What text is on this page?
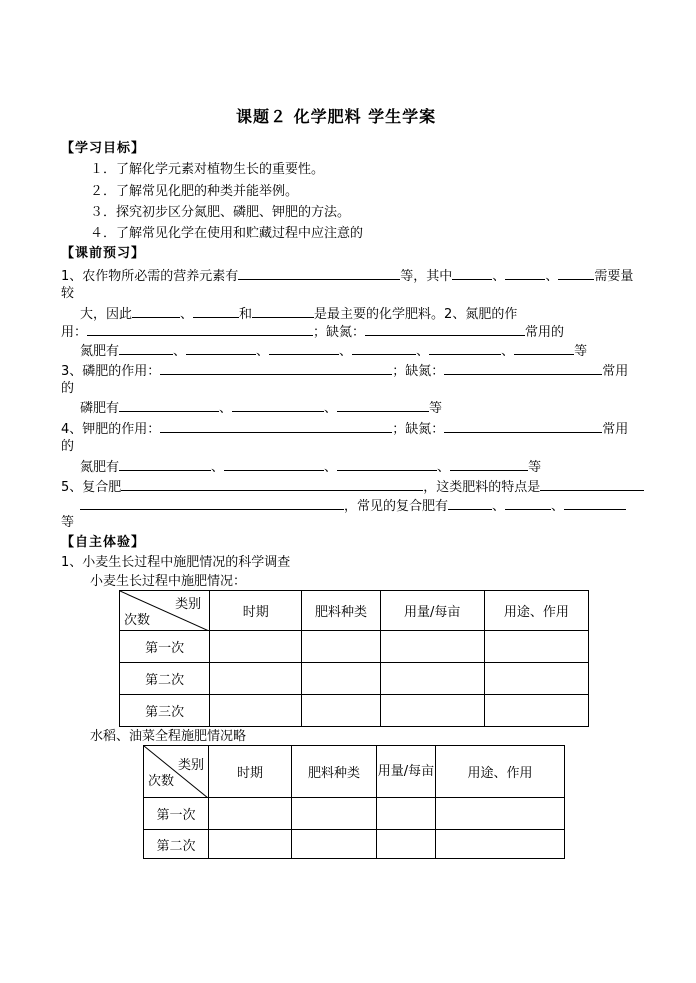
课题２ 化学肥料 学生学案
【学习目标】
１．了解化学元素对植物生长的重要性。
２．了解常见化肥的种类并能举例。
３．探究初步区分氮肥、磷肥、钾肥的方法。
４．了解常见化学在使用和贮藏过程中应注意的
【课前预习】
1、农作物所必需的营养元素有	等，其中	、	、	需要量
较
大，因此	、	和	是最主要的化学肥料。2、氮肥的作
用：	；缺氮：	常用的
氮肥有	、	、	、	、	、	等
3、磷肥的作用：	；缺氮：	常用
的
磷肥有	、	、	等
4、钾肥的作用：	；缺氮：	常用
的
氮肥有	、	、	、	等
5、复合肥	，这类肥料的特点是
，常见的复合肥有	、	、
等
【自主体验】
1、小麦生长过程中施肥情况的科学调查
小麦生长过程中施肥情况：
类别
次数	时期	肥料种类	用量/每亩	用途、作用
第一次				
第二次				
第三次				
水稻、油菜全程施肥情况略
类别
次数	时期	肥料种类	用量/每亩	用途、作用
第一次				
第二次				
